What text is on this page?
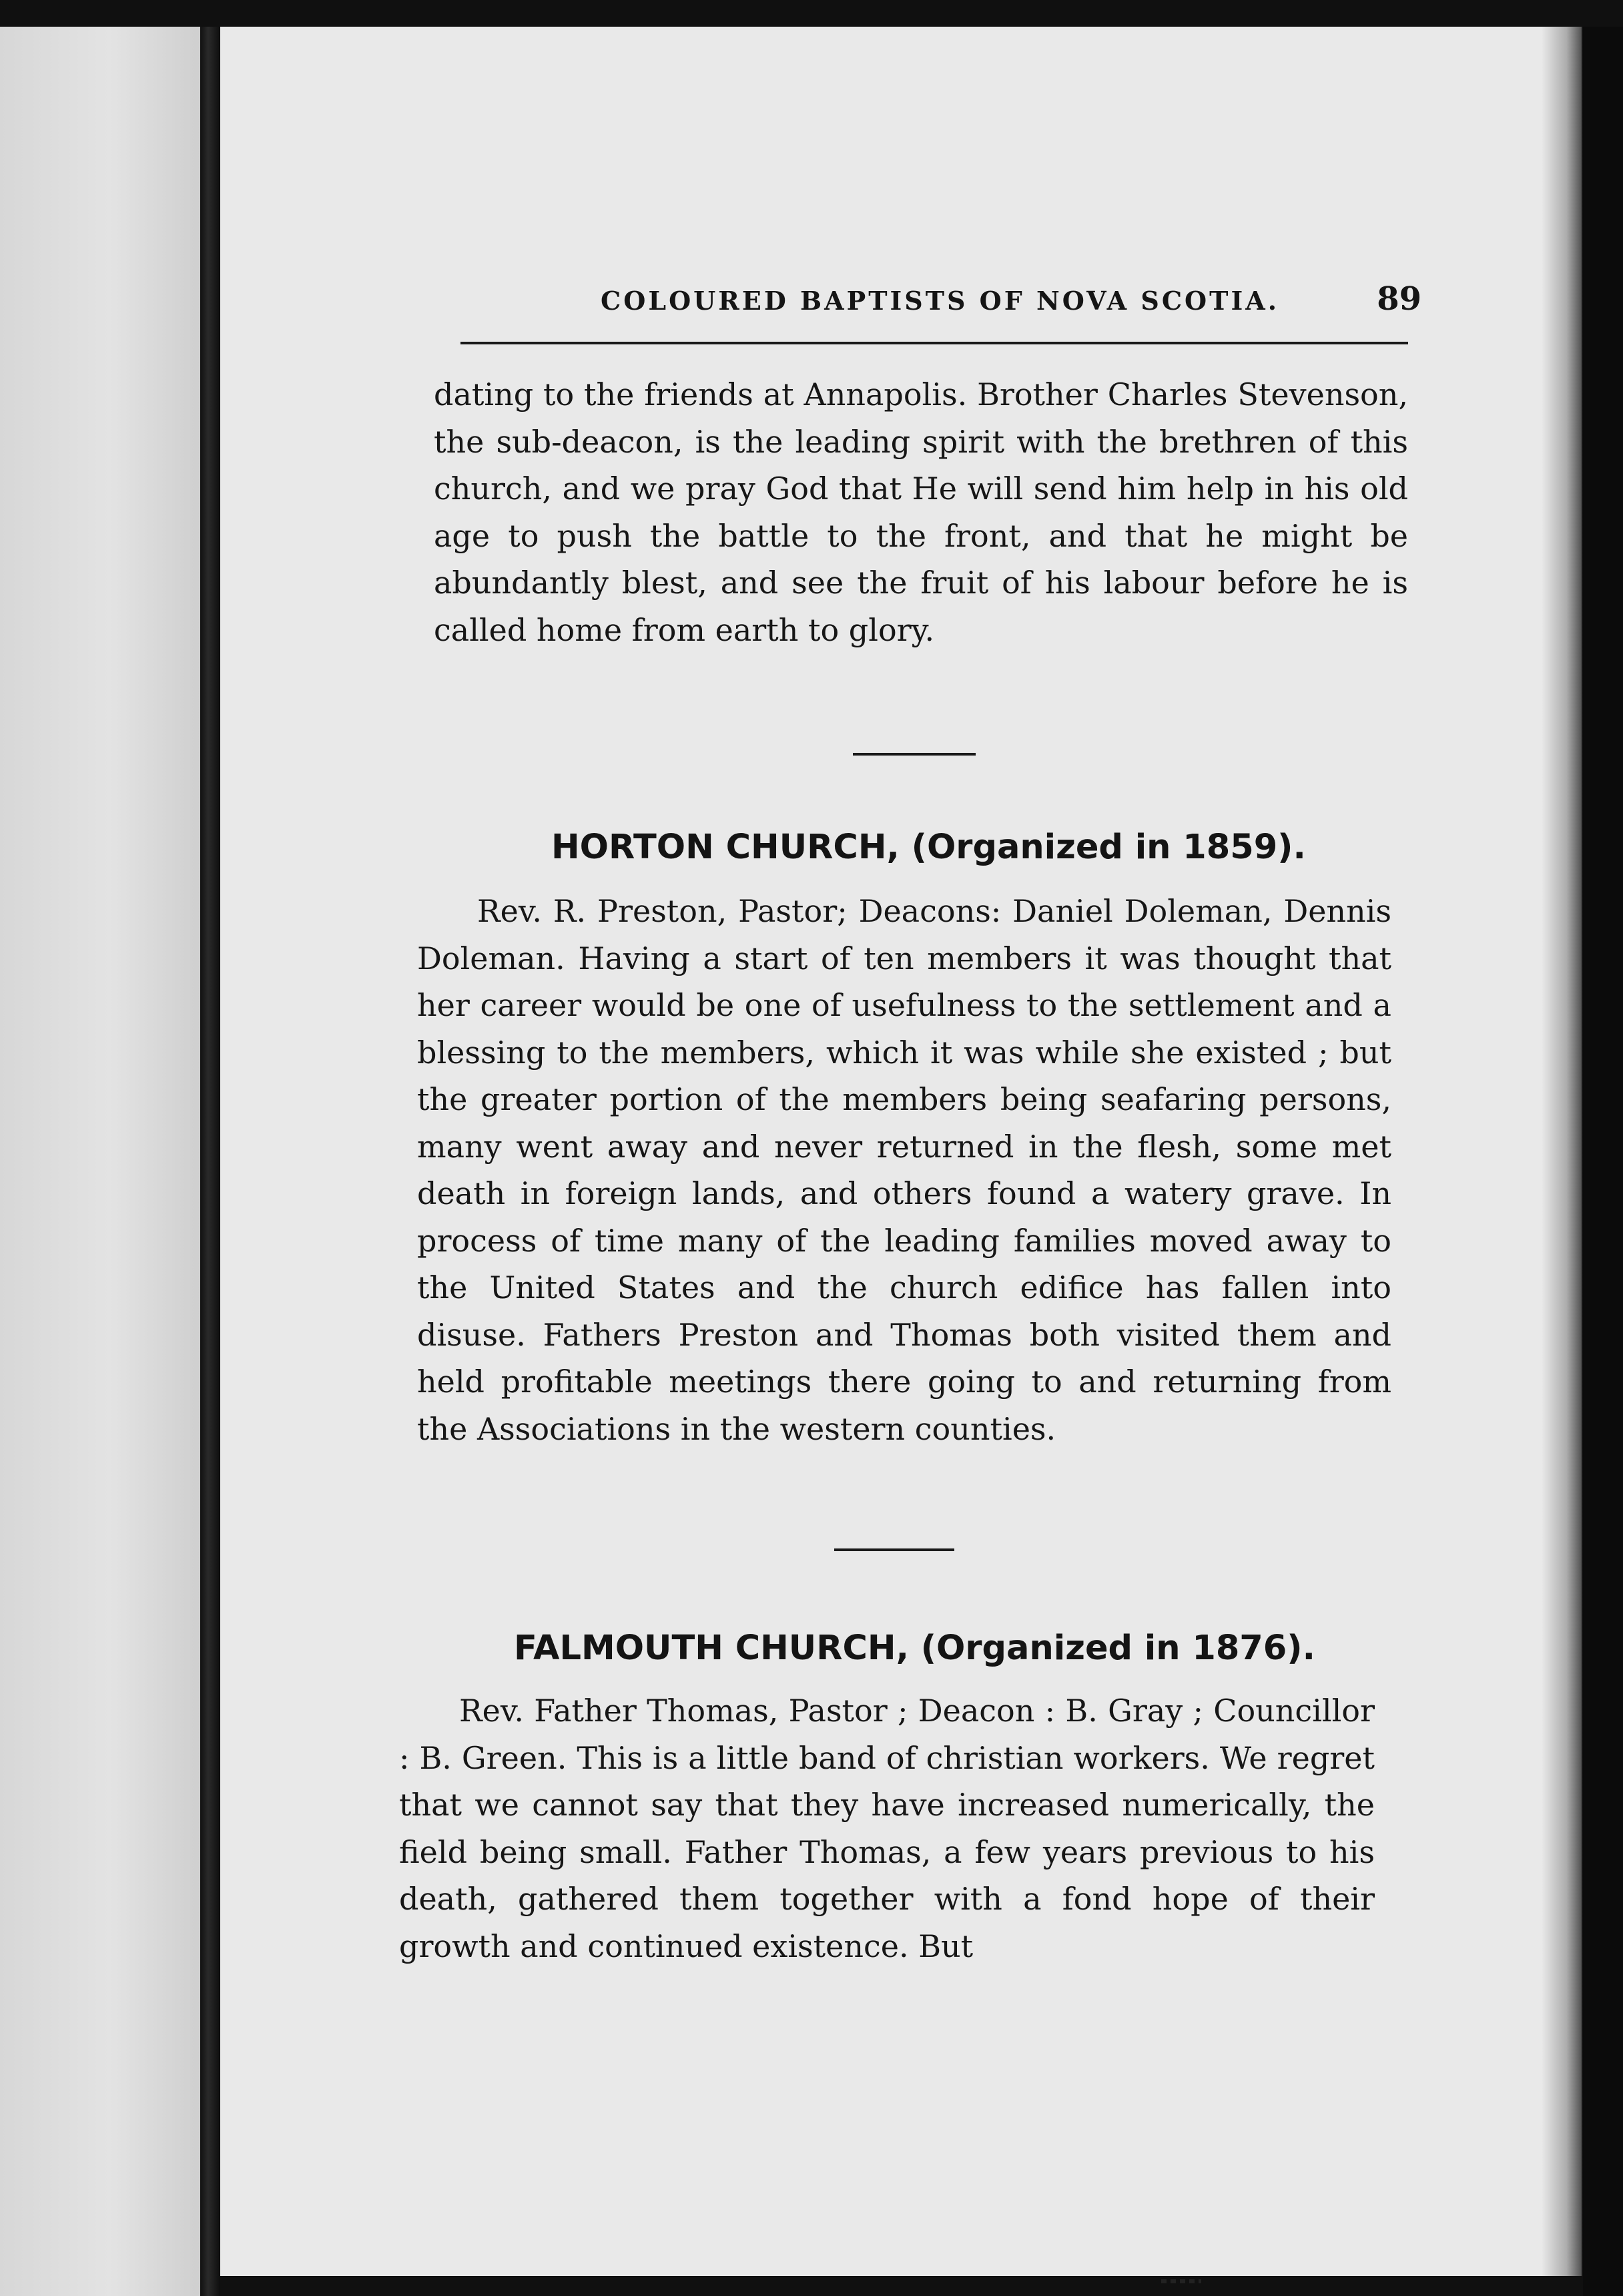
COLOURED BAPTISTS OF NOVA SCOTIA.	89

dating to the friends at Annapolis. Brother Charles Stevenson, the sub-deacon, is the leading spirit with the brethren of this church, and we pray God that He will send him help in his old age to push the battle to the front, and that he might be abundantly blest, and see the fruit of his labour before he is called home from earth to glory.

HORTON CHURCH, (Organized in 1859).

Rev. R. Preston, Pastor; Deacons: Daniel Doleman, Dennis Doleman. Having a start of ten members it was thought that her career would be one of usefulness to the settlement and a blessing to the members, which it was while she existed ; but the greater portion of the members being seafaring persons, many went away and never returned in the flesh, some met death in foreign lands, and others found a watery grave. In process of time many of the leading families moved away to the United States and the church edifice has fallen into disuse. Fathers Preston and Thomas both visited them and held profitable meetings there going to and returning from the Associations in the western counties.

FALMOUTH CHURCH, (Organized in 1876).

Rev. Father Thomas, Pastor ; Deacon : B. Gray ; Councillor : B. Green. This is a little band of christian workers. We regret that we cannot say that they have increased numerically, the field being small. Father Thomas, a few years previous to his death, gathered them together with a fond hope of their growth and continued existence. But
